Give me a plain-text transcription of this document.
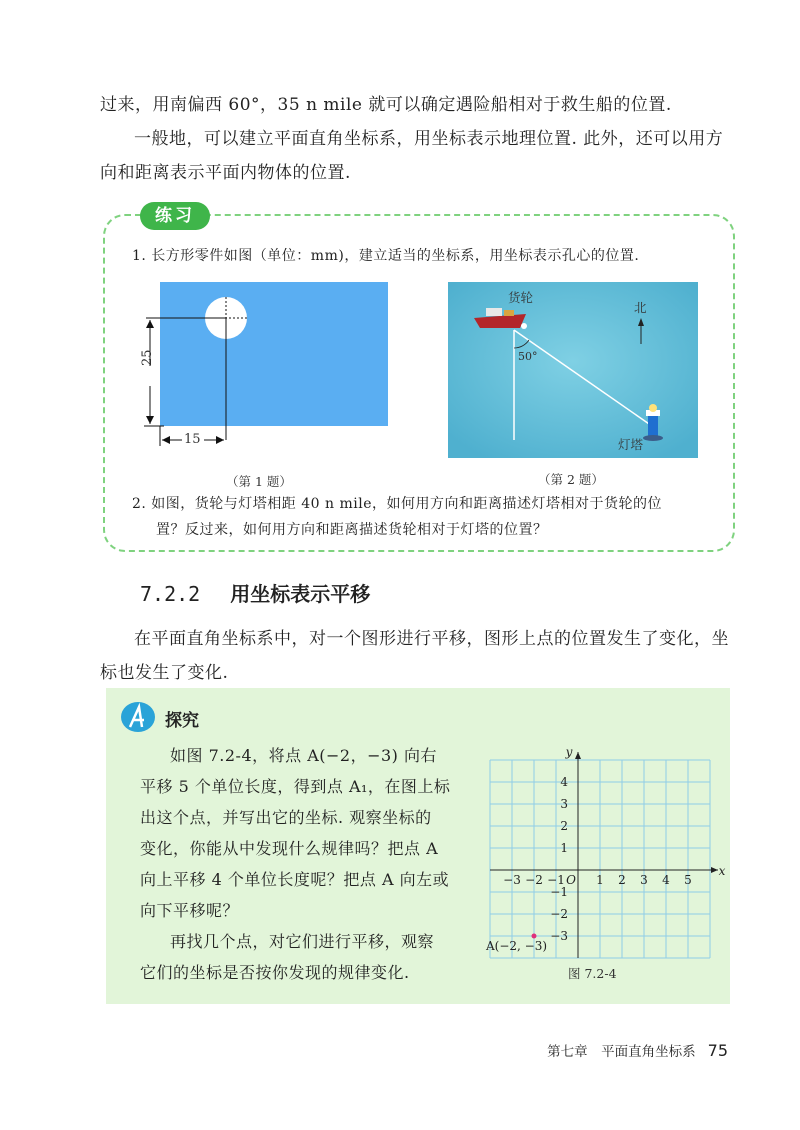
过来，用南偏西 60°，35 n mile 就可以确定遇险船相对于救生船的位置.
一般地，可以建立平面直角坐标系，用坐标表示地理位置. 此外，还可以用方向和距离表示平面内物体的位置.
练习
1. 长方形零件如图（单位：mm)，建立适当的坐标系，用坐标表示孔心的位置.
25
15
（第 1 题）
货轮
北
50°
灯塔
（第 2 题）
2. 如图，货轮与灯塔相距 40 n mile，如何用方向和距离描述灯塔相对于货轮的位
置？反过来，如何用方向和距离描述货轮相对于灯塔的位置？
7.2.2 用坐标表示平移
在平面直角坐标系中，对一个图形进行平移，图形上点的位置发生了变化，坐标也发生了变化.
探究
如图 7.2-4，将点 A(−2，−3) 向右
平移 5 个单位长度，得到点 A₁，在图上标
出这个点，并写出它的坐标. 观察坐标的
变化，你能从中发现什么规律吗？把点 A
向上平移 4 个单位长度呢？把点 A 向左或
向下平移呢？
再找几个点，对它们进行平移，观察
它们的坐标是否按你发现的规律变化.
−3 −2 −1	1 2 3 4 5
4
3
2
1
−1
−2
−3
O
x
y
A(−2, −3)
图 7.2-4
第七章　平面直角坐标系 75
